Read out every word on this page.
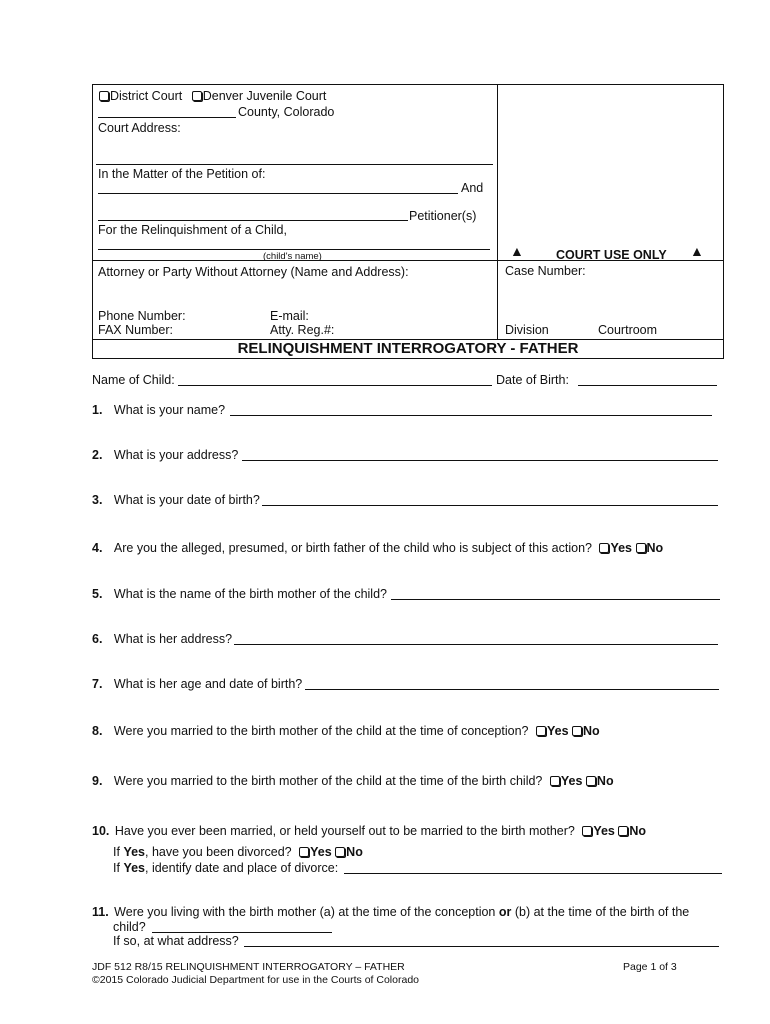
District Court Denver Juvenile Court
County, Colorado
Court Address:
In the Matter of the Petition of:
And
Petitioner(s)
For the Relinquishment of a Child,
(child's name)
Attorney or Party Without Attorney (Name and Address):
Phone Number:	E-mail:
FAX Number:	Atty. Reg.#:
▲	COURT USE ONLY ▲
Case Number:
Division	Courtroom
RELINQUISHMENT INTERROGATORY - FATHER
Name of Child:	Date of Birth:
1. What is your name?
2. What is your address?
3. What is your date of birth?
4. Are you the alleged, presumed, or birth father of the child who is subject of this action? Yes No
5. What is the name of the birth mother of the child?
6. What is her address?
7. What is her age and date of birth?
8. Were you married to the birth mother of the child at the time of conception? Yes No
9. Were you married to the birth mother of the child at the time of the birth child? Yes No
10. Have you ever been married, or held yourself out to be married to the birth mother? Yes No
If Yes, have you been divorced? Yes No
If Yes, identify date and place of divorce:
11. Were you living with the birth mother (a) at the time of the conception or (b) at the time of the birth of the
child?
If so, at what address?
JDF 512 R8/15 RELINQUISHMENT INTERROGATORY – FATHER
©2015 Colorado Judicial Department for use in the Courts of Colorado
Page 1 of 3
